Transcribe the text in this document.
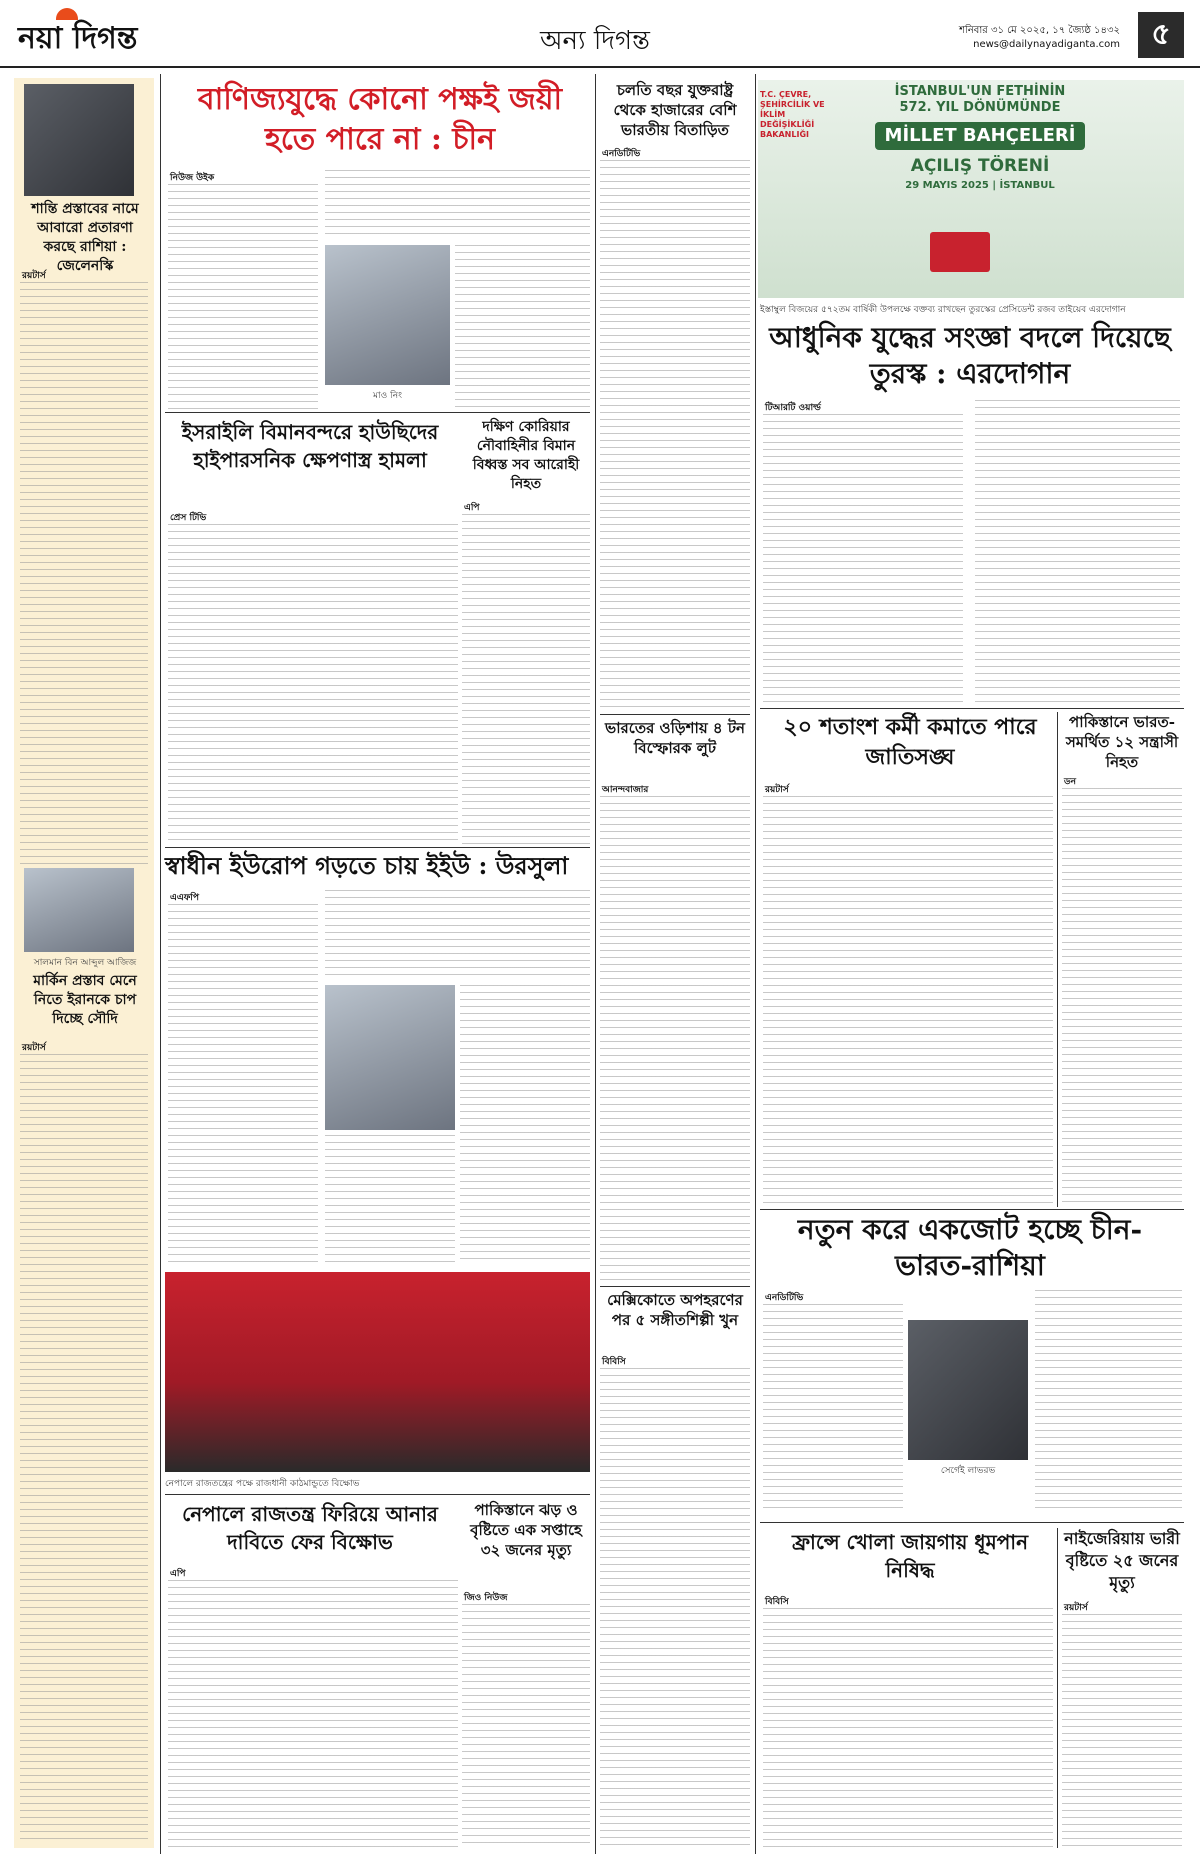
নয়া দিগন্ত	অন্য দিগন্ত	শনিবার ৩১ মে ২০২৫, ১৭ জ্যৈষ্ঠ ১৪৩২
news@dailynayadiganta.com	৫
শান্তি প্রস্তাবের নামে আবারো প্রতারণা করছে রাশিয়া : জেলেনস্কি
রয়টার্স
সালমান বিন আব্দুল আজিজ
মার্কিন প্রস্তাব মেনে নিতে ইরানকে চাপ দিচ্ছে সৌদি
রয়টার্স
বাণিজ্যযুদ্ধে কোনো পক্ষই জয়ী হতে পারে না : চীন
নিউজ উইক
মাও নিং
চলতি বছর যুক্তরাষ্ট্র থেকে হাজারের বেশি ভারতীয় বিতাড়িত
এনডিটিভি
ইসরাইলি বিমানবন্দরে হাউছিদের হাইপারসনিক ক্ষেপণাস্ত্র হামলা
প্রেস টিভি
দক্ষিণ কোরিয়ার নৌবাহিনীর বিমান বিধ্বস্ত সব আরোহী নিহত
এপি
ভারতের ওড়িশায় ৪ টন বিস্ফোরক লুট
আনন্দবাজার
স্বাধীন ইউরোপ গড়তে চায় ইইউ : উরসুলা
এএফপি
নেপালে রাজতন্ত্রের পক্ষে রাজধানী কাঠমান্ডুতে বিক্ষোভ
মেক্সিকোতে অপহরণের পর ৫ সঙ্গীতশিল্পী খুন
বিবিসি
নেপালে রাজতন্ত্র ফিরিয়ে আনার দাবিতে ফের বিক্ষোভ
এপি
পাকিস্তানে ঝড় ও বৃষ্টিতে এক সপ্তাহে ৩২ জনের মৃত্যু
জিও নিউজ
T.C. ÇEVRE, ŞEHİRCİLİK VE İKLİM DEĞİŞİKLİĞİ BAKANLIĞI
İSTANBUL'UN FETHİNİN
572. YIL DÖNÜMÜNDE
MİLLET BAHÇELERİ
AÇILIŞ TÖRENİ
29 MAYIS 2025 | İSTANBUL
ইস্তাম্বুল বিজয়ের ৫৭২তম বার্ষিকী উপলক্ষে বক্তব্য রাখছেন তুরস্কের প্রেসিডেন্ট রজব তাইয়েব এরদোগান
আধুনিক যুদ্ধের সংজ্ঞা বদলে দিয়েছে তুরস্ক : এরদোগান
টিআরটি ওয়ার্ল্ড
২০ শতাংশ কর্মী কমাতে পারে জাতিসঙ্ঘ
রয়টার্স
পাকিস্তানে ভারত-সমর্থিত ১২ সন্ত্রাসী নিহত
ডন
নতুন করে একজোট হচ্ছে চীন-ভারত-রাশিয়া
এনডিটিভি
সের্গেই লাভরভ
ফ্রান্সে খোলা জায়গায় ধূমপান নিষিদ্ধ
বিবিসি
নাইজেরিয়ায় ভারী বৃষ্টিতে ২৫ জনের মৃত্যু
রয়টার্স
